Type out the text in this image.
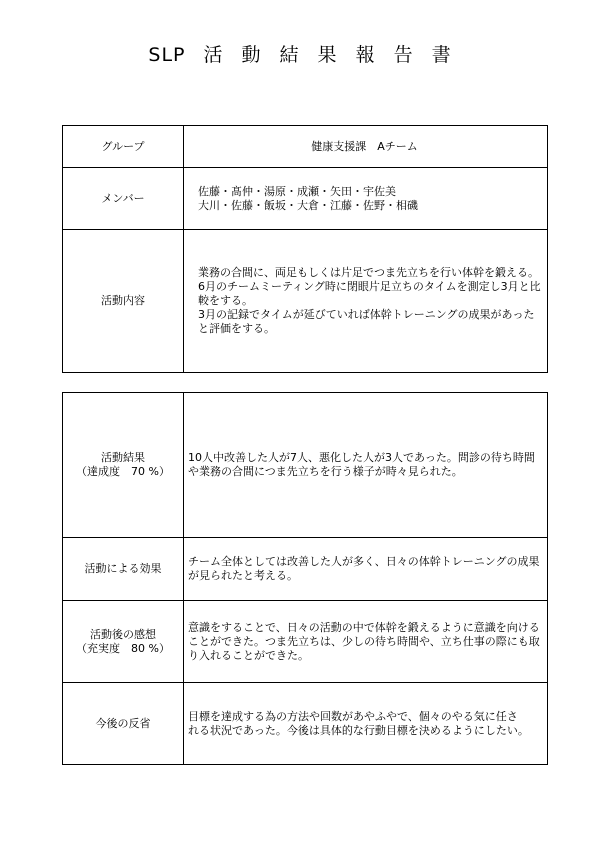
SLP 活 動 結 果 報 告 書
グループ	健康支援課　Aチーム
メンバー	佐藤・髙仲・湯原・成瀬・矢田・宇佐美
大川・佐藤・飯坂・大倉・江藤・佐野・相磯

活動内容	業務の合間に、両足もしくは片足でつま先立ちを行い体幹を鍛える。
6月のチームミーティング時に閉眼片足立ちのタイムを測定し3月と比
較をする。
3月の記録でタイムが延びていれば体幹トレーニングの成果があった
と評価をする。
活動結果
（達成度　70 %）	10人中改善した人が7人、悪化した人が3人であった。問診の待ち時間
や業務の合間につま先立ちを行う様子が時々見られた。

活動による効果	チーム全体としては改善した人が多く、日々の体幹トレーニングの成果
が見られたと考える。

活動後の感想
（充実度　80 %）	意識をすることで、日々の活動の中で体幹を鍛えるように意識を向ける
ことができた。つま先立ちは、少しの待ち時間や、立ち仕事の際にも取
り入れることができた。

今後の反省	目標を達成する為の方法や回数があやふやで、個々のやる気に任さ
れる状況であった。今後は具体的な行動目標を決めるようにしたい。
